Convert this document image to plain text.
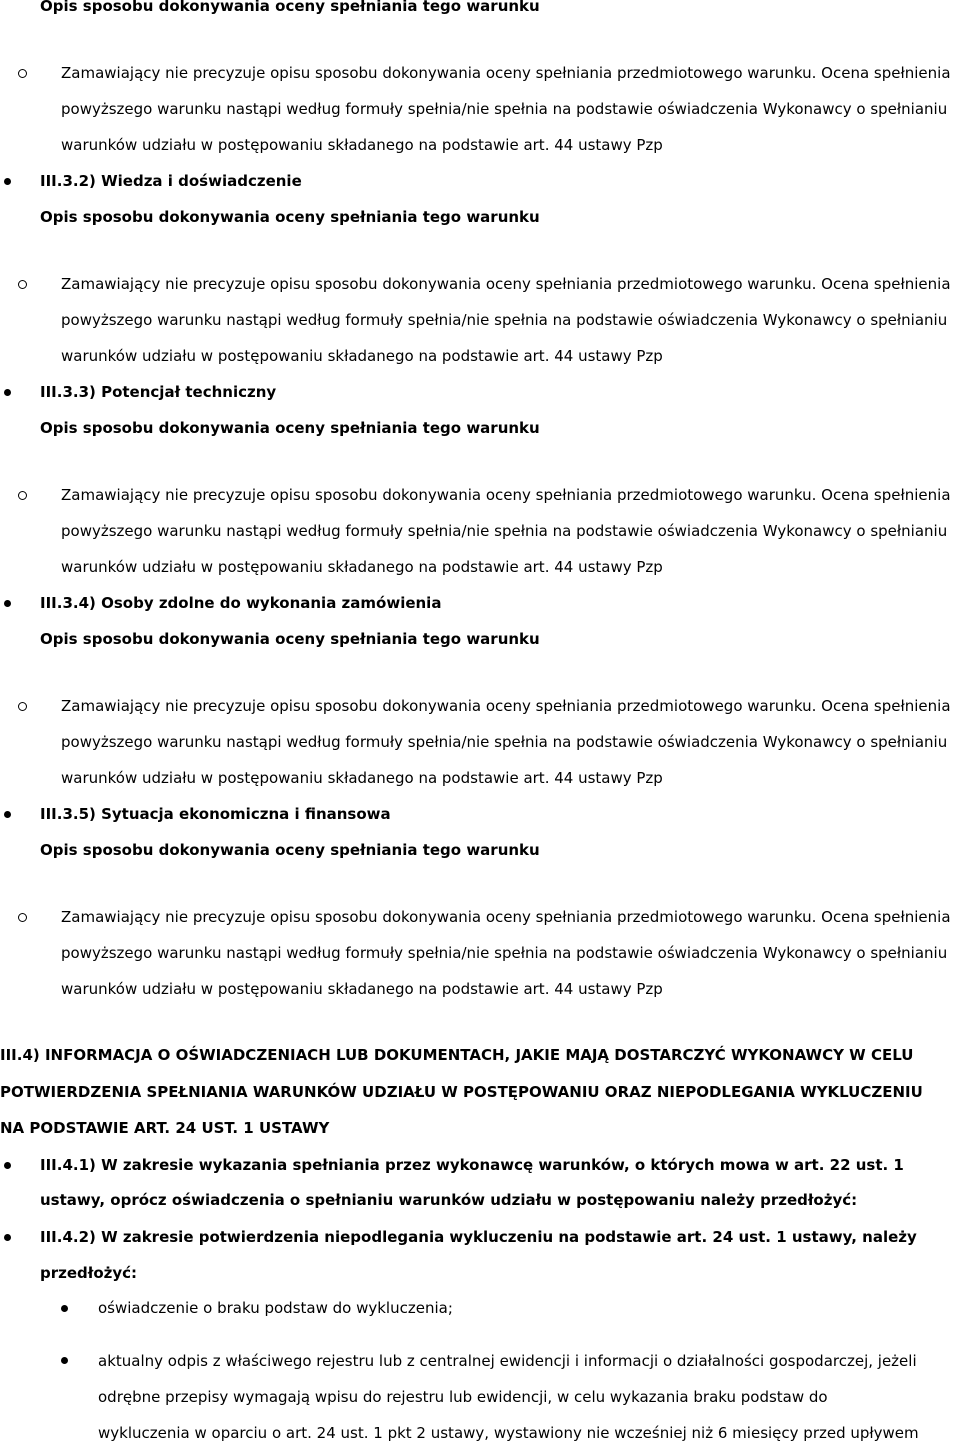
Opis sposobu dokonywania oceny spełniania tego warunku
Zamawiający nie precyzuje opisu sposobu dokonywania oceny spełniania przedmiotowego warunku. Ocena spełnienia
powyższego warunku nastąpi według formuły spełnia/nie spełnia na podstawie oświadczenia Wykonawcy o spełnianiu
warunków udziału w postępowaniu składanego na podstawie art. 44 ustawy Pzp
III.3.2) Wiedza i doświadczenie
Opis sposobu dokonywania oceny spełniania tego warunku
Zamawiający nie precyzuje opisu sposobu dokonywania oceny spełniania przedmiotowego warunku. Ocena spełnienia
powyższego warunku nastąpi według formuły spełnia/nie spełnia na podstawie oświadczenia Wykonawcy o spełnianiu
warunków udziału w postępowaniu składanego na podstawie art. 44 ustawy Pzp
III.3.3) Potencjał techniczny
Opis sposobu dokonywania oceny spełniania tego warunku
Zamawiający nie precyzuje opisu sposobu dokonywania oceny spełniania przedmiotowego warunku. Ocena spełnienia
powyższego warunku nastąpi według formuły spełnia/nie spełnia na podstawie oświadczenia Wykonawcy o spełnianiu
warunków udziału w postępowaniu składanego na podstawie art. 44 ustawy Pzp
III.3.4) Osoby zdolne do wykonania zamówienia
Opis sposobu dokonywania oceny spełniania tego warunku
Zamawiający nie precyzuje opisu sposobu dokonywania oceny spełniania przedmiotowego warunku. Ocena spełnienia
powyższego warunku nastąpi według formuły spełnia/nie spełnia na podstawie oświadczenia Wykonawcy o spełnianiu
warunków udziału w postępowaniu składanego na podstawie art. 44 ustawy Pzp
III.3.5) Sytuacja ekonomiczna i finansowa
Opis sposobu dokonywania oceny spełniania tego warunku
Zamawiający nie precyzuje opisu sposobu dokonywania oceny spełniania przedmiotowego warunku. Ocena spełnienia
powyższego warunku nastąpi według formuły spełnia/nie spełnia na podstawie oświadczenia Wykonawcy o spełnianiu
warunków udziału w postępowaniu składanego na podstawie art. 44 ustawy Pzp
III.4) INFORMACJA O OŚWIADCZENIACH LUB DOKUMENTACH, JAKIE MAJĄ DOSTARCZYĆ WYKONAWCY W CELU
POTWIERDZENIA SPEŁNIANIA WARUNKÓW UDZIAŁU W POSTĘPOWANIU ORAZ NIEPODLEGANIA WYKLUCZENIU
NA PODSTAWIE ART. 24 UST. 1 USTAWY
III.4.1) W zakresie wykazania spełniania przez wykonawcę warunków, o których mowa w art. 22 ust. 1
ustawy, oprócz oświadczenia o spełnianiu warunków udziału w postępowaniu należy przedłożyć:
III.4.2) W zakresie potwierdzenia niepodlegania wykluczeniu na podstawie art. 24 ust. 1 ustawy, należy
przedłożyć:
oświadczenie o braku podstaw do wykluczenia;
aktualny odpis z właściwego rejestru lub z centralnej ewidencji i informacji o działalności gospodarczej, jeżeli
odrębne przepisy wymagają wpisu do rejestru lub ewidencji, w celu wykazania braku podstaw do
wykluczenia w oparciu o art. 24 ust. 1 pkt 2 ustawy, wystawiony nie wcześniej niż 6 miesięcy przed upływem
